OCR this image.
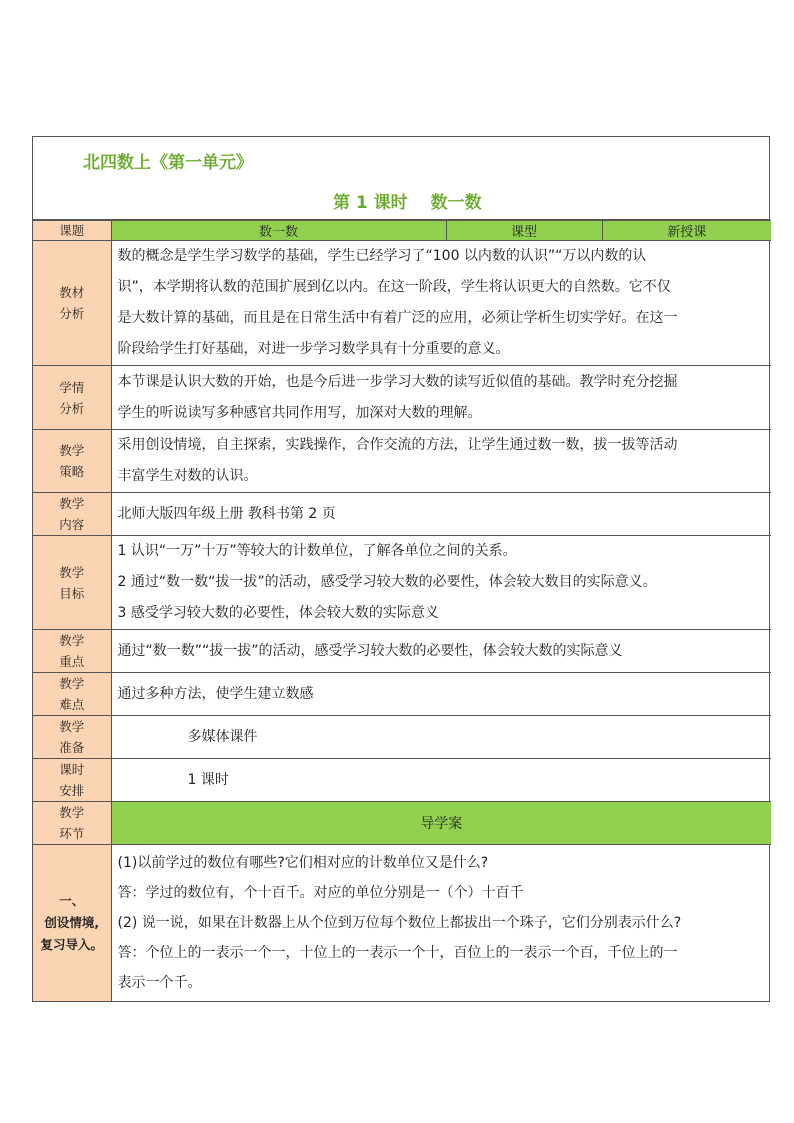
北四数上《第一单元》
第 1 课时　 数一数
课题	数一数	课型	新授课

教材
分析	数的概念是学生学习数学的基础，学生已经学习了“100 以内数的认识”“万以内数的认
识”，本学期将认数的范围扩展到亿以内。在这一阶段，学生将认识更大的自然数。它不仅
是大数计算的基础，而且是在日常生活中有着广泛的应用，必须让学析生切实学好。在这一
阶段给学生打好基础，对进一步学习数学具有十分重要的意义。		

学情
分析	本节课是认识大数的开始，也是今后进一步学习大数的读写近似值的基础。教学时充分挖掘
学生的听说读写多种感官共同作用写，加深对大数的理解。		

教学
策略	采用创设情境，自主探索，实践操作，合作交流的方法，让学生通过数一数，拔一拔等活动
丰富学生对数的认识。		

教学
内容	北师大版四年级上册 教科书第 2 页		

教学
目标	1 认识“一万”十万”等较大的计数单位，了解各单位之间的关系。
2 通过“数一数“拔一拔”的活动，感受学习较大数的必要性，体会较大数目的实际意义。
3 感受学习较大数的必要性，体会较大数的实际意义		

教学
重点	通过“数一数”“拔一拔”的活动，感受学习较大数的必要性，体会较大数的实际意义		

教学
难点	通过多种方法，使学生建立数感		

教学
准备	多媒体课件		

课时
安排	1 课时		

教学
环节	导学案		

一、
创设情境,
复习导入。	(1)以前学过的数位有哪些?它们相对应的计数单位又是什么?
答：学过的数位有，个十百千。对应的单位分别是一（个）十百千
(2) 说一说，如果在计数器上从个位到万位每个数位上都拔出一个珠子，它们分别表示什么?
答：个位上的一表示一个一，十位上的一表示一个十，百位上的一表示一个百，千位上的一
表示一个千。		
